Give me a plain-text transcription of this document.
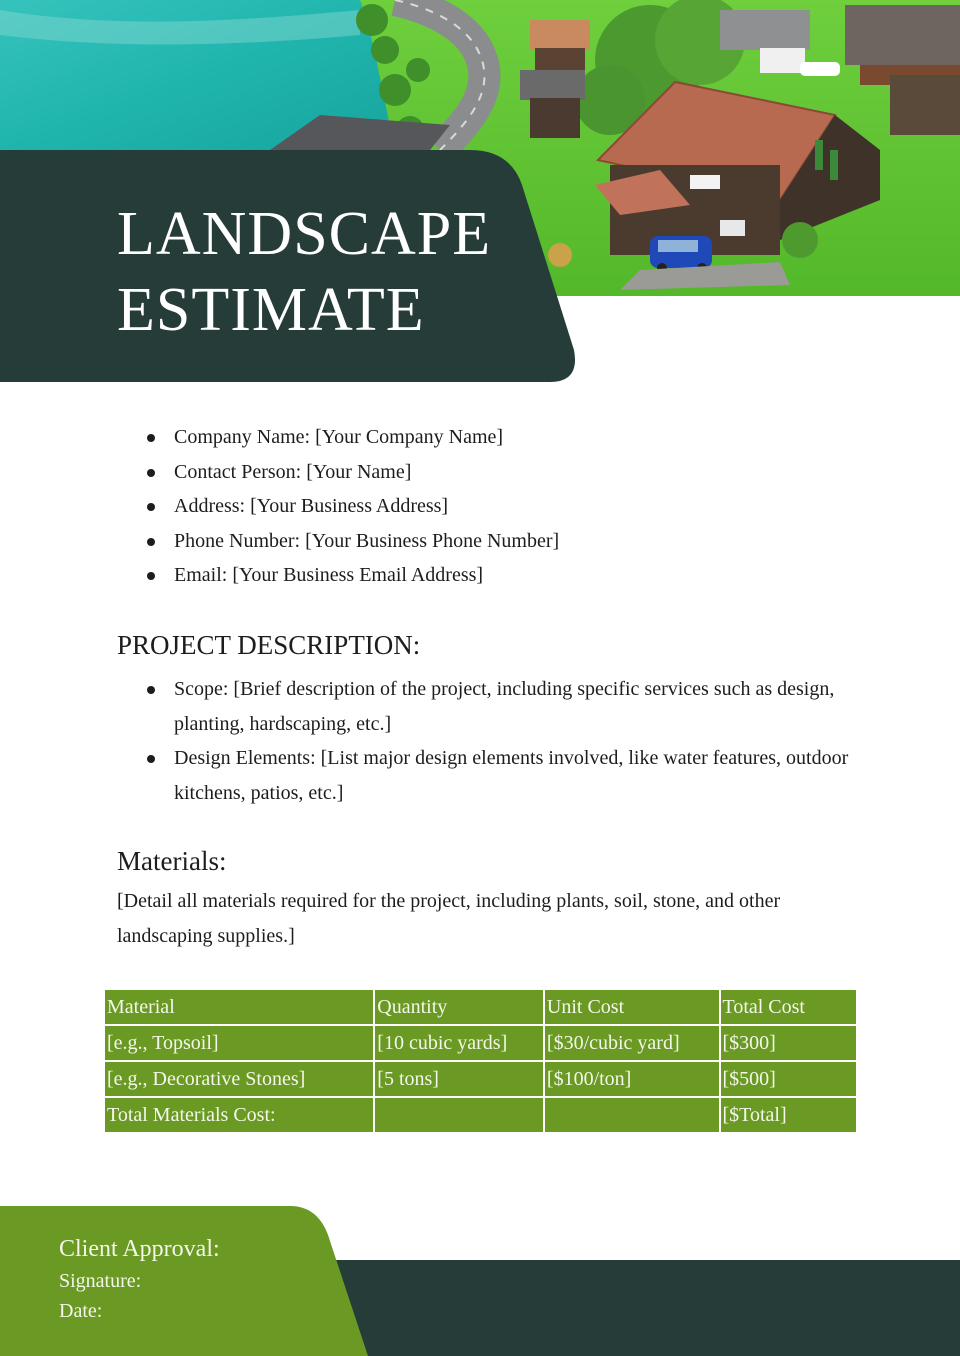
LANDSCAPE
ESTIMATE
Company Name: [Your Company Name]
Contact Person: [Your Name]
Address: [Your Business Address]
Phone Number: [Your Business Phone Number]
Email: [Your Business Email Address]
PROJECT DESCRIPTION:
Scope: [Brief description of the project, including specific services such as design, planting, hardscaping, etc.]
Design Elements: [List major design elements involved, like water features, outdoor kitchens, patios, etc.]
Materials:

[Detail all materials required for the project, including plants, soil, stone, and other landscaping supplies.]

Material	Quantity	Unit Cost	Total Cost
[e.g., Topsoil]	[10 cubic yards]	[$30/cubic yard]	[$300]
[e.g., Decorative Stones]	[5 tons]	[$100/ton]	[$500]
Total Materials Cost:			[$Total]
Client Approval:
Signature:
Date:
